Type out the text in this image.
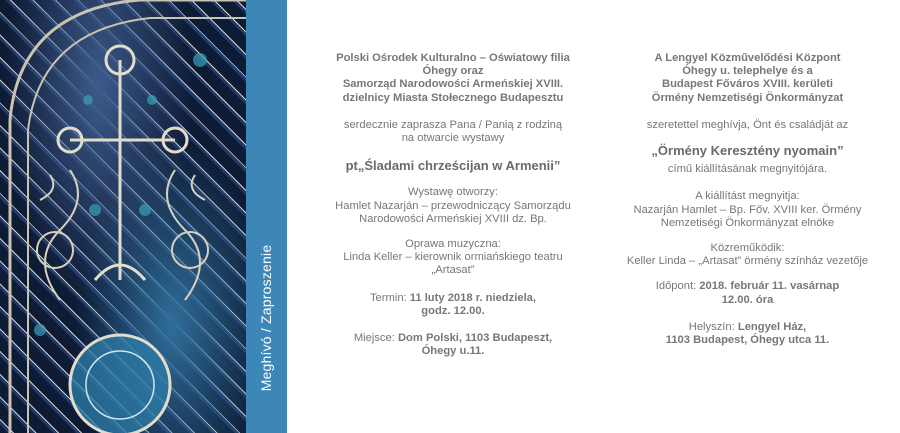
Meghívó / Zaproszenie
Polski Ośrodek Kulturalno – Oświatowy filia
Óhegy oraz
Samorząd Narodowości Armeńskiej XVIII.
dzielnicy Miasta Stołecznego Budapesztu
serdecznie zaprasza Pana / Panią z rodziną
na otwarcie wystawy
pt„Śladami chrześcijan w Armenii”
Wystawę otworzy:
Hamlet Nazarján – przewodniczący Samorządu
Narodowości Armeńskiej XVIII dz. Bp.
Oprawa muzyczna:
Linda Keller – kierownik ormiańskiego teatru
„Artasat”
Termin: 11 luty 2018 r. niedziela,
godz. 12.00.
Miejsce: Dom Polski, 1103 Budapeszt,
Óhegy u.11.
A Lengyel Közművelődési Központ
Óhegy u. telephelye és a
Budapest Főváros XVIII. kerületi
Örmény Nemzetiségi Önkormányzat
szeretettel meghívja, Önt és családját az
„Örmény Keresztény nyomain”
című kiállításának megnyitójára.
A kiállítást megnyitja:
Nazarján Hamlet – Bp. Főv. XVIII ker. Örmény
Nemzetiségi Önkormányzat elnöke
Közreműködik:
Keller Linda – „Artasat” örmény színház vezetője
Időpont: 2018. február 11. vasárnap
12.00. óra
Helyszín: Lengyel Ház,
1103 Budapest, Óhegy utca 11.
